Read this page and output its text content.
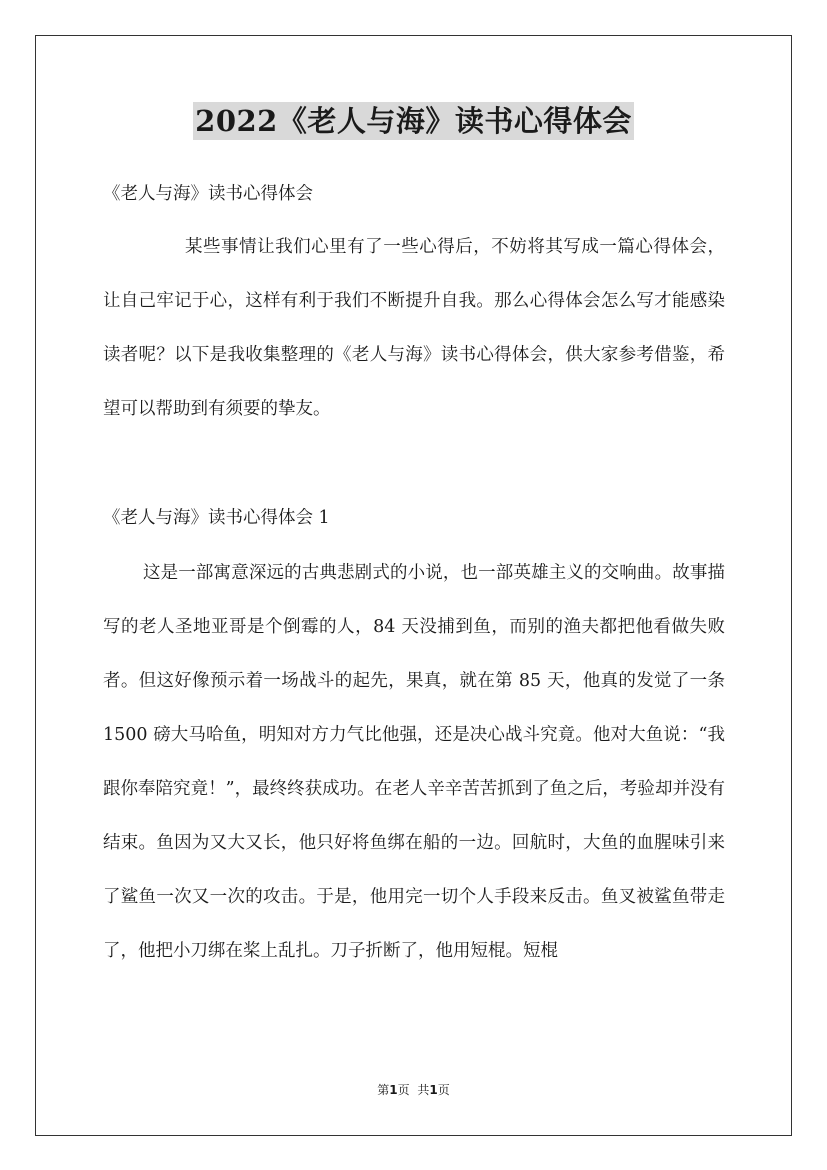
2022《老人与海》读书心得体会
《老人与海》读书心得体会
某些事情让我们心里有了一些心得后，不妨将其写成一篇心得体会，让自己牢记于心，这样有利于我们不断提升自我。那么心得体会怎么写才能感染读者呢？以下是我收集整理的《老人与海》读书心得体会，供大家参考借鉴，希望可以帮助到有须要的挚友。
《老人与海》读书心得体会 1
这是一部寓意深远的古典悲剧式的小说，也一部英雄主义的交响曲。故事描写的老人圣地亚哥是个倒霉的人，84 天没捕到鱼，而别的渔夫都把他看做失败者。但这好像预示着一场战斗的起先，果真，就在第 85 天，他真的发觉了一条 1500 磅大马哈鱼，明知对方力气比他强，还是决心战斗究竟。他对大鱼说：“我跟你奉陪究竟！”，最终终获成功。在老人辛辛苦苦抓到了鱼之后，考验却并没有结束。鱼因为又大又长，他只好将鱼绑在船的一边。回航时，大鱼的血腥味引来了鲨鱼一次又一次的攻击。于是，他用完一切个人手段来反击。鱼叉被鲨鱼带走了，他把小刀绑在桨上乱扎。刀子折断了，他用短棍。短棍
第1页 共1页
